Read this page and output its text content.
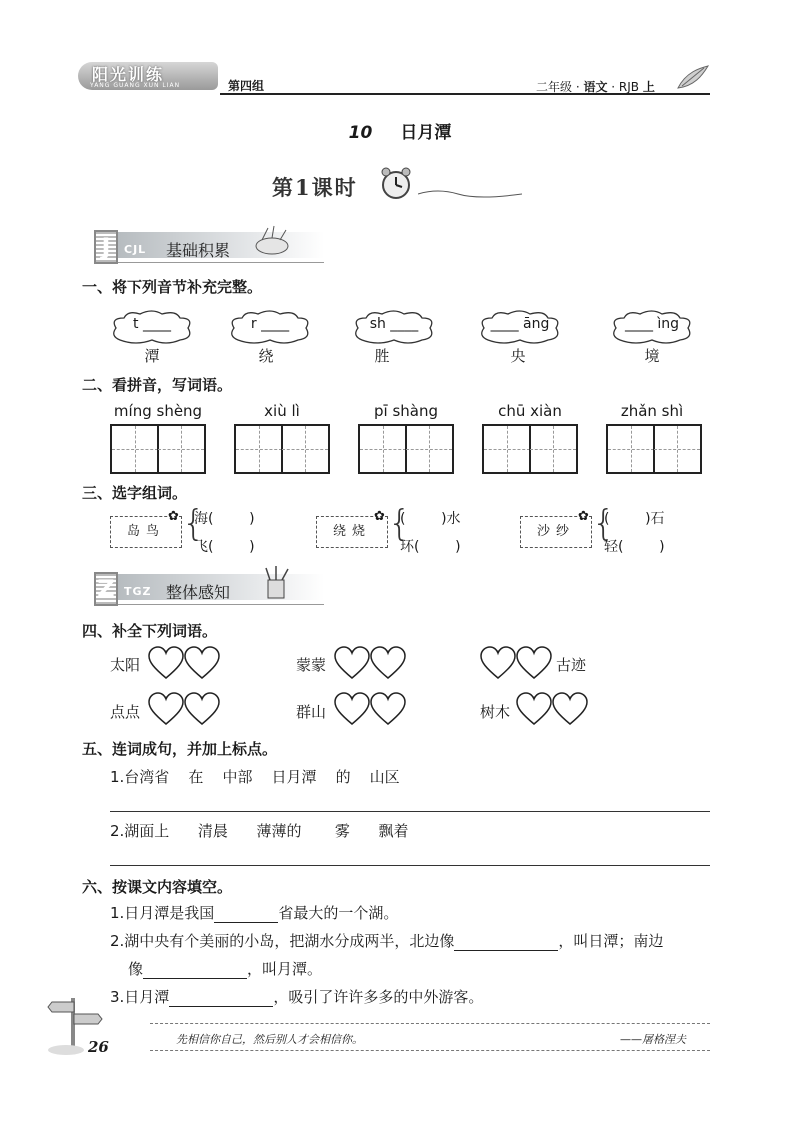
阳光训练
YANG GUANG XUN LIAN	第四组	二年级 · 语文 · RJB 上
10 日月潭
第1课时
J	CJL 基础积累
一、将下列音节补充完整。
t ____
潭
r ____
绕
sh ____
胜
____ āng
央
____ ìng
境
二、看拼音，写词语。
míng shèng	xiù lì	pī shàng	chū xiàn	zhǎn shì
三、选字组词。
岛鸟
✿ {
海(        )
飞(        )
绕烧
✿ {
(        )水
环(        )
沙纱
✿ {
(        )石
轻(        )
Z TGZ 整体感知
四、补全下列词语。
太阳	蒙蒙	古迹
点点	群山	树木
五、连词成句，并加上标点。
1.台湾省    在    中部    日月潭    的    山区
2.湖面上      清晨      薄薄的       雾      飘着
六、按课文内容填空。
1.日月潭是我国	省最大的一个湖。
2.湖中央有个美丽的小岛，把湖水分成两半，北边像	，叫日潭；南边
像	，叫月潭。
3.日月潭	，吸引了许许多多的中外游客。
26	先相信你自己，然后别人才会相信你。	——屠格涅夫
